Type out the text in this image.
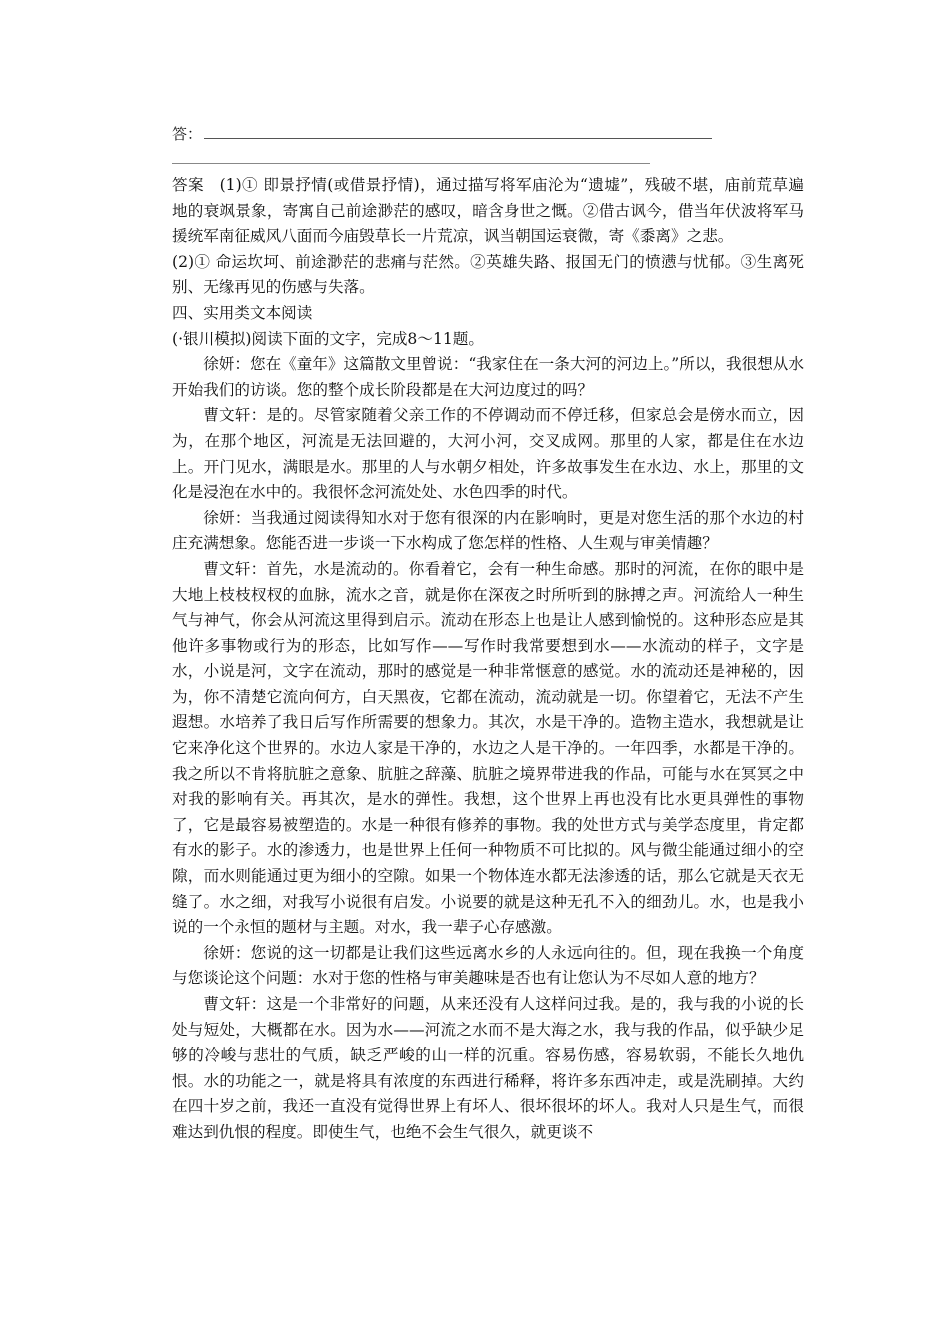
答：

答案  (1)① 即景抒情(或借景抒情)，通过描写将军庙沦为“遗墟”，残破不堪，庙前荒草遍地的衰飒景象，寄寓自己前途渺茫的感叹，暗含身世之慨。②借古讽今，借当年伏波将军马援统军南征威风八面而今庙毁草长一片荒凉，讽当朝国运衰微，寄《黍离》之悲。

(2)① 命运坎坷、前途渺茫的悲痛与茫然。②英雄失路、报国无门的愤懑与忧郁。③生离死别、无缘再见的伤感与失落。

四、实用类文本阅读

(·银川模拟)阅读下面的文字，完成8～11题。

徐妍：您在《童年》这篇散文里曾说：“我家住在一条大河的河边上。”所以，我很想从水开始我们的访谈。您的整个成长阶段都是在大河边度过的吗？

曹文轩：是的。尽管家随着父亲工作的不停调动而不停迁移，但家总会是傍水而立，因为，在那个地区，河流是无法回避的，大河小河，交叉成网。那里的人家，都是住在水边上。开门见水，满眼是水。那里的人与水朝夕相处，许多故事发生在水边、水上，那里的文化是浸泡在水中的。我很怀念河流处处、水色四季的时代。

徐妍：当我通过阅读得知水对于您有很深的内在影响时，更是对您生活的那个水边的村庄充满想象。您能否进一步谈一下水构成了您怎样的性格、人生观与审美情趣？

曹文轩：首先，水是流动的。你看着它，会有一种生命感。那时的河流，在你的眼中是大地上枝枝杈杈的血脉，流水之音，就是你在深夜之时所听到的脉搏之声。河流给人一种生气与神气，你会从河流这里得到启示。流动在形态上也是让人感到愉悦的。这种形态应是其他许多事物或行为的形态，比如写作——写作时我常要想到水——水流动的样子，文字是水，小说是河，文字在流动，那时的感觉是一种非常惬意的感觉。水的流动还是神秘的，因为，你不清楚它流向何方，白天黑夜，它都在流动，流动就是一切。你望着它，无法不产生遐想。水培养了我日后写作所需要的想象力。其次，水是干净的。造物主造水，我想就是让它来净化这个世界的。水边人家是干净的，水边之人是干净的。一年四季，水都是干净的。我之所以不肯将肮脏之意象、肮脏之辞藻、肮脏之境界带进我的作品，可能与水在冥冥之中对我的影响有关。再其次，是水的弹性。我想，这个世界上再也没有比水更具弹性的事物了，它是最容易被塑造的。水是一种很有修养的事物。我的处世方式与美学态度里，肯定都有水的影子。水的渗透力，也是世界上任何一种物质不可比拟的。风与微尘能通过细小的空隙，而水则能通过更为细小的空隙。如果一个物体连水都无法渗透的话，那么它就是天衣无缝了。水之细，对我写小说很有启发。小说要的就是这种无孔不入的细劲儿。水，也是我小说的一个永恒的题材与主题。对水，我一辈子心存感激。

徐妍：您说的这一切都是让我们这些远离水乡的人永远向往的。但，现在我换一个角度与您谈论这个问题：水对于您的性格与审美趣味是否也有让您认为不尽如人意的地方？

曹文轩：这是一个非常好的问题，从来还没有人这样问过我。是的，我与我的小说的长处与短处，大概都在水。因为水——河流之水而不是大海之水，我与我的作品，似乎缺少足够的冷峻与悲壮的气质，缺乏严峻的山一样的沉重。容易伤感，容易软弱，不能长久地仇恨。水的功能之一，就是将具有浓度的东西进行稀释，将许多东西冲走，或是洗刷掉。大约在四十岁之前，我还一直没有觉得世界上有坏人、很坏很坏的坏人。我对人只是生气，而很难达到仇恨的程度。即使生气，也绝不会生气很久，就更谈不
